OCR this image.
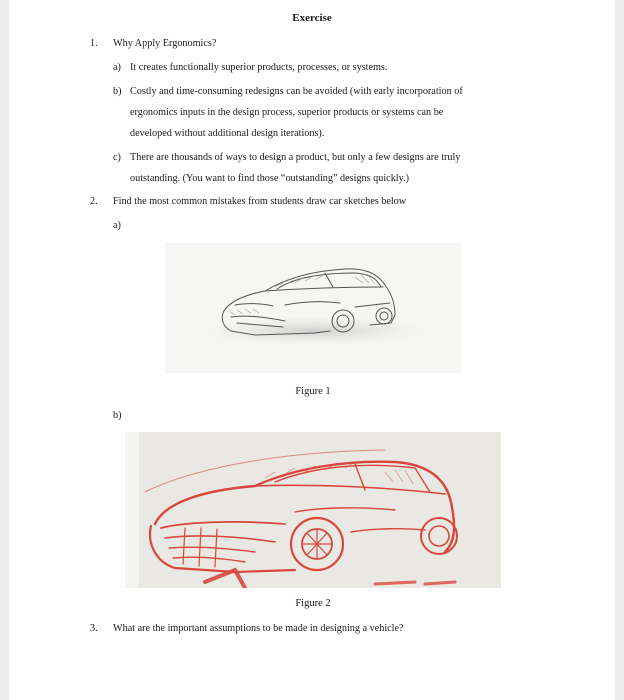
Exercise
1. Why Apply Ergonomics?
a) It creates functionally superior products, processes, or systems.
b) Costly and time-consuming redesigns can be avoided (with early incorporation of
ergonomics inputs in the design process, superior products or systems can be
developed without additional design iterations).
c) There are thousands of ways to design a product, but only a few designs are truly
outstanding. (You want to find those “outstanding” designs quickly.)
2. Find the most common mistakes from students draw car sketches below
a)
Figure 1
b)
Figure 2
3. What are the important assumptions to be made in designing a vehicle?
